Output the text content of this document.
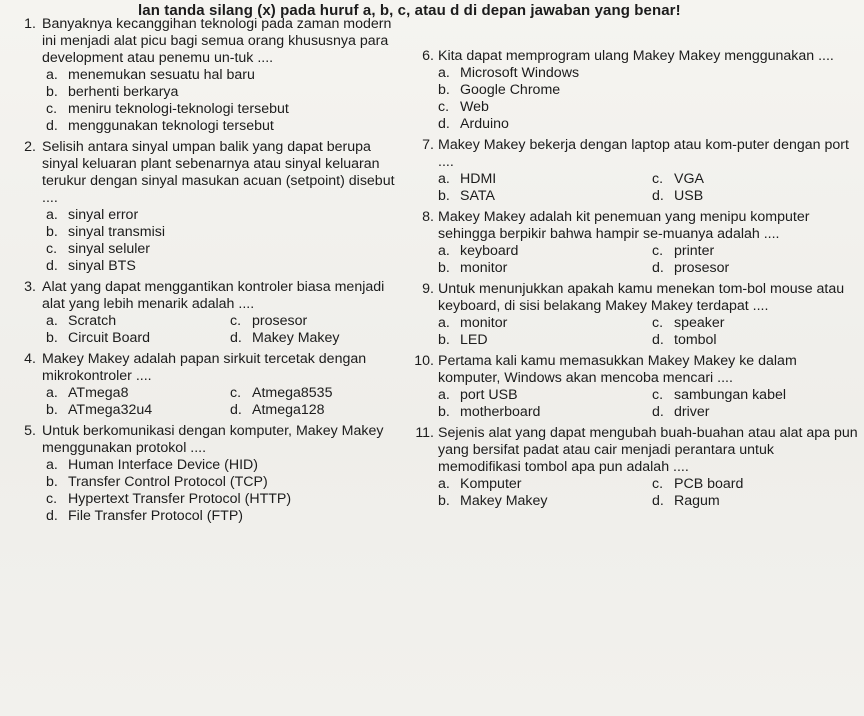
lan tanda silang (x) pada huruf a, b, c, atau d di depan jawaban yang benar!
1. Banyaknya kecanggihan teknologi pada zaman modern ini menjadi alat picu bagi semua orang khususnya para development atau penemu un-tuk ....
a. menemukan sesuatu hal baru
b. berhenti berkarya
c. meniru teknologi-teknologi tersebut
d. menggunakan teknologi tersebut
2. Selisih antara sinyal umpan balik yang dapat berupa sinyal keluaran plant sebenarnya atau sinyal keluaran terukur dengan sinyal masukan acuan (setpoint) disebut ....
a. sinyal error
b. sinyal transmisi
c. sinyal seluler
d. sinyal BTS
3. Alat yang dapat menggantikan kontroler biasa menjadi alat yang lebih menarik adalah ....
a. Scratch	c. prosesor
b. Circuit Board	d. Makey Makey
4. Makey Makey adalah papan sirkuit tercetak dengan mikrokontroler ....
a. ATmega8	c. Atmega8535
b. ATmega32u4	d. Atmega128
5. Untuk berkomunikasi dengan komputer, Makey Makey menggunakan protokol ....
a. Human Interface Device (HID)
b. Transfer Control Protocol (TCP)
c. Hypertext Transfer Protocol (HTTP)
d. File Transfer Protocol (FTP)
6. Kita dapat memprogram ulang Makey Makey menggunakan ....
a. Microsoft Windows
b. Google Chrome
c. Web
d. Arduino
7. Makey Makey bekerja dengan laptop atau kom-puter dengan port ....
a. HDMI	c. VGA
b. SATA	d. USB
8. Makey Makey adalah kit penemuan yang menipu komputer sehingga berpikir bahwa hampir se-muanya adalah ....
a. keyboard	c. printer
b. monitor	d. prosesor
9. Untuk menunjukkan apakah kamu menekan tom-bol mouse atau keyboard, di sisi belakang Makey Makey terdapat ....
a. monitor	c. speaker
b. LED	d. tombol
10. Pertama kali kamu memasukkan Makey Makey ke dalam komputer, Windows akan mencoba mencari ....
a. port USB	c. sambungan kabel
b. motherboard	d. driver
11. Sejenis alat yang dapat mengubah buah-buahan atau alat apa pun yang bersifat padat atau cair menjadi perantara untuk memodifikasi tombol apa pun adalah ....
a. Komputer	c. PCB board
b. Makey Makey	d. Ragum
